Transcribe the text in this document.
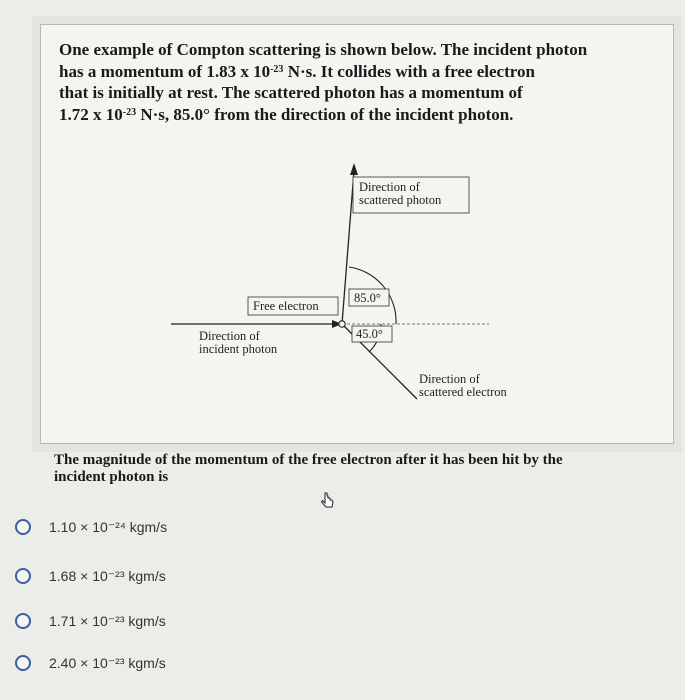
One example of Compton scattering is shown below. The incident photon

has a momentum of 1.83 x $10^{-23}$ N·s. It collides with a free electron

that is initially at rest. The scattered photon has a momentum of

1.72 x $10^{-23}$ N·s, 85.0° from the direction of the incident photon.

Direction of
scattered photon
Free electron
85.0°
45.0°
Direction of
incident photon
Direction of
scattered electron
The magnitude of the momentum of the free electron after it has been hit by the
incident photon is
1.10 × 10⁻²⁴ kgm/s
1.68 × 10⁻²³ kgm/s
1.71 × 10⁻²³ kgm/s
2.40 × 10⁻²³ kgm/s
